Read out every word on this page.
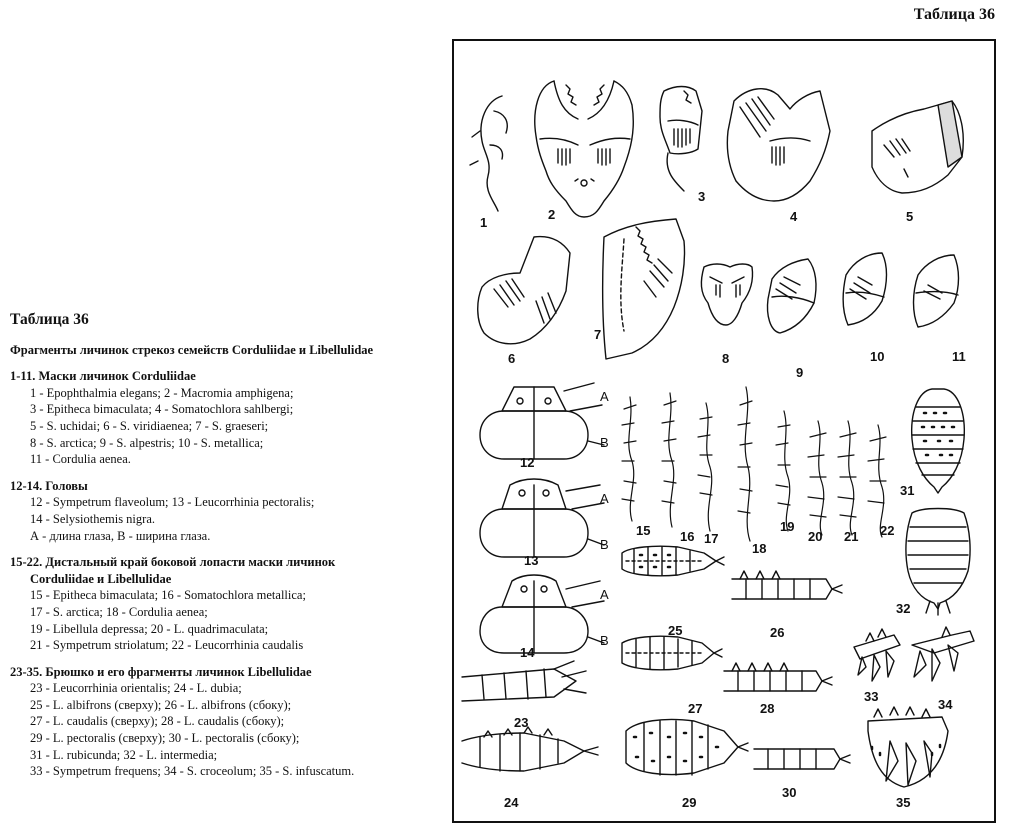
Таблица 36
Таблица 36
Фрагменты личинок стрекоз семейств Corduliidae и Libellulidae
1-11. Маски личинок Corduliidae
1 - Epophthalmia elegans; 2 - Macromia amphigena;
3 - Epitheca bimaculata; 4 - Somatochlora sahlbergi;
5 - S. uchidai; 6 - S. viridiaenea; 7 - S. graeseri;
8 - S. arctica; 9 - S. alpestris; 10 - S. metallica;
11 - Cordulia aenea.
12-14. Головы
12 - Sympetrum flaveolum; 13 - Leucorrhinia pectoralis;
14 - Selysiothemis nigra.
А - длина глаза, В - ширина глаза.
15-22. Дистальный край боковой лопасти маски личинок
Corduliidae и Libellulidae
15 - Epitheca bimaculata; 16 - Somatochlora metallica;
17 - S. arctica; 18 - Cordulia aenea;
19 - Libellula depressa; 20 - L. quadrimaculata;
21 - Sympetrum striolatum; 22 - Leucorrhinia caudalis
23-35. Брюшко и его фрагменты личинок Libellulidae
23 - Leucorrhinia orientalis; 24 - L. dubia;
25 - L. albifrons (сверху); 26 - L. albifrons (сбоку);
27 - L. caudalis (сверху); 28 - L. caudalis (сбоку);
29 - L. pectoralis (сверху); 30 - L. pectoralis (сбоку);
31 - L. rubicunda; 32 - L. intermedia;
33 - Sympetrum frequens; 34 - S. croceolum; 35 - S. infuscatum.
1
2
3
4	5
6
7
8
9
10	11
12
13
14
15 16 17
18
19
20 21 22
23
24
25	26
27	28
29
30
31
32
33
34
35
A
B
A
B
A
B
